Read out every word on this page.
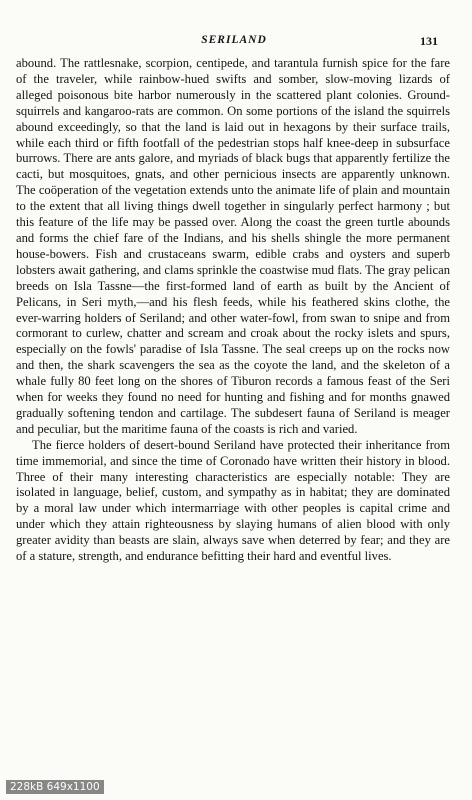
SERILAND	131

abound. The rattlesnake, scorpion, centipede, and tarantula furnish spice for the fare of the traveler, while rainbow-hued swifts and somber, slow-moving lizards of alleged poisonous bite harbor numerously in the scattered plant colonies. Ground-squirrels and kangaroo-rats are common. On some portions of the island the squirrels abound exceedingly, so that the land is laid out in hexagons by their surface trails, while each third or fifth footfall of the pedestrian stops half knee-deep in subsurface burrows. There are ants galore, and myriads of black bugs that apparently fertilize the cacti, but mosquitoes, gnats, and other pernicious insects are apparently unknown. The coöperation of the vegetation extends unto the animate life of plain and mountain to the extent that all living things dwell together in singularly perfect harmony ; but this feature of the life may be passed over. Along the coast the green turtle abounds and forms the chief fare of the Indians, and his shells shingle the more permanent house-bowers. Fish and crustaceans swarm, edible crabs and oysters and superb lobsters await gathering, and clams sprinkle the coastwise mud flats. The gray pelican breeds on Isla Tassne—the first-formed land of earth as built by the Ancient of Pelicans, in Seri myth,—and his flesh feeds, while his feathered skins clothe, the ever-warring holders of Seriland; and other water-fowl, from swan to snipe and from cormorant to curlew, chatter and scream and croak about the rocky islets and spurs, especially on the fowls' paradise of Isla Tassne. The seal creeps up on the rocks now and then, the shark scavengers the sea as the coyote the land, and the skeleton of a whale fully 80 feet long on the shores of Tiburon records a famous feast of the Seri when for weeks they found no need for hunting and fishing and for months gnawed gradually softening tendon and cartilage. The subdesert fauna of Seriland is meager and peculiar, but the maritime fauna of the coasts is rich and varied.

The fierce holders of desert-bound Seriland have protected their inheritance from time immemorial, and since the time of Coronado have written their history in blood. Three of their many interesting characteristics are especially notable: They are isolated in language, belief, custom, and sympathy as in habitat; they are dominated by a moral law under which intermarriage with other peoples is capital crime and under which they attain righteousness by slaying humans of alien blood with only greater avidity than beasts are slain, always save when deterred by fear; and they are of a stature, strength, and endurance befitting their hard and eventful lives.

228kB 649x1100
